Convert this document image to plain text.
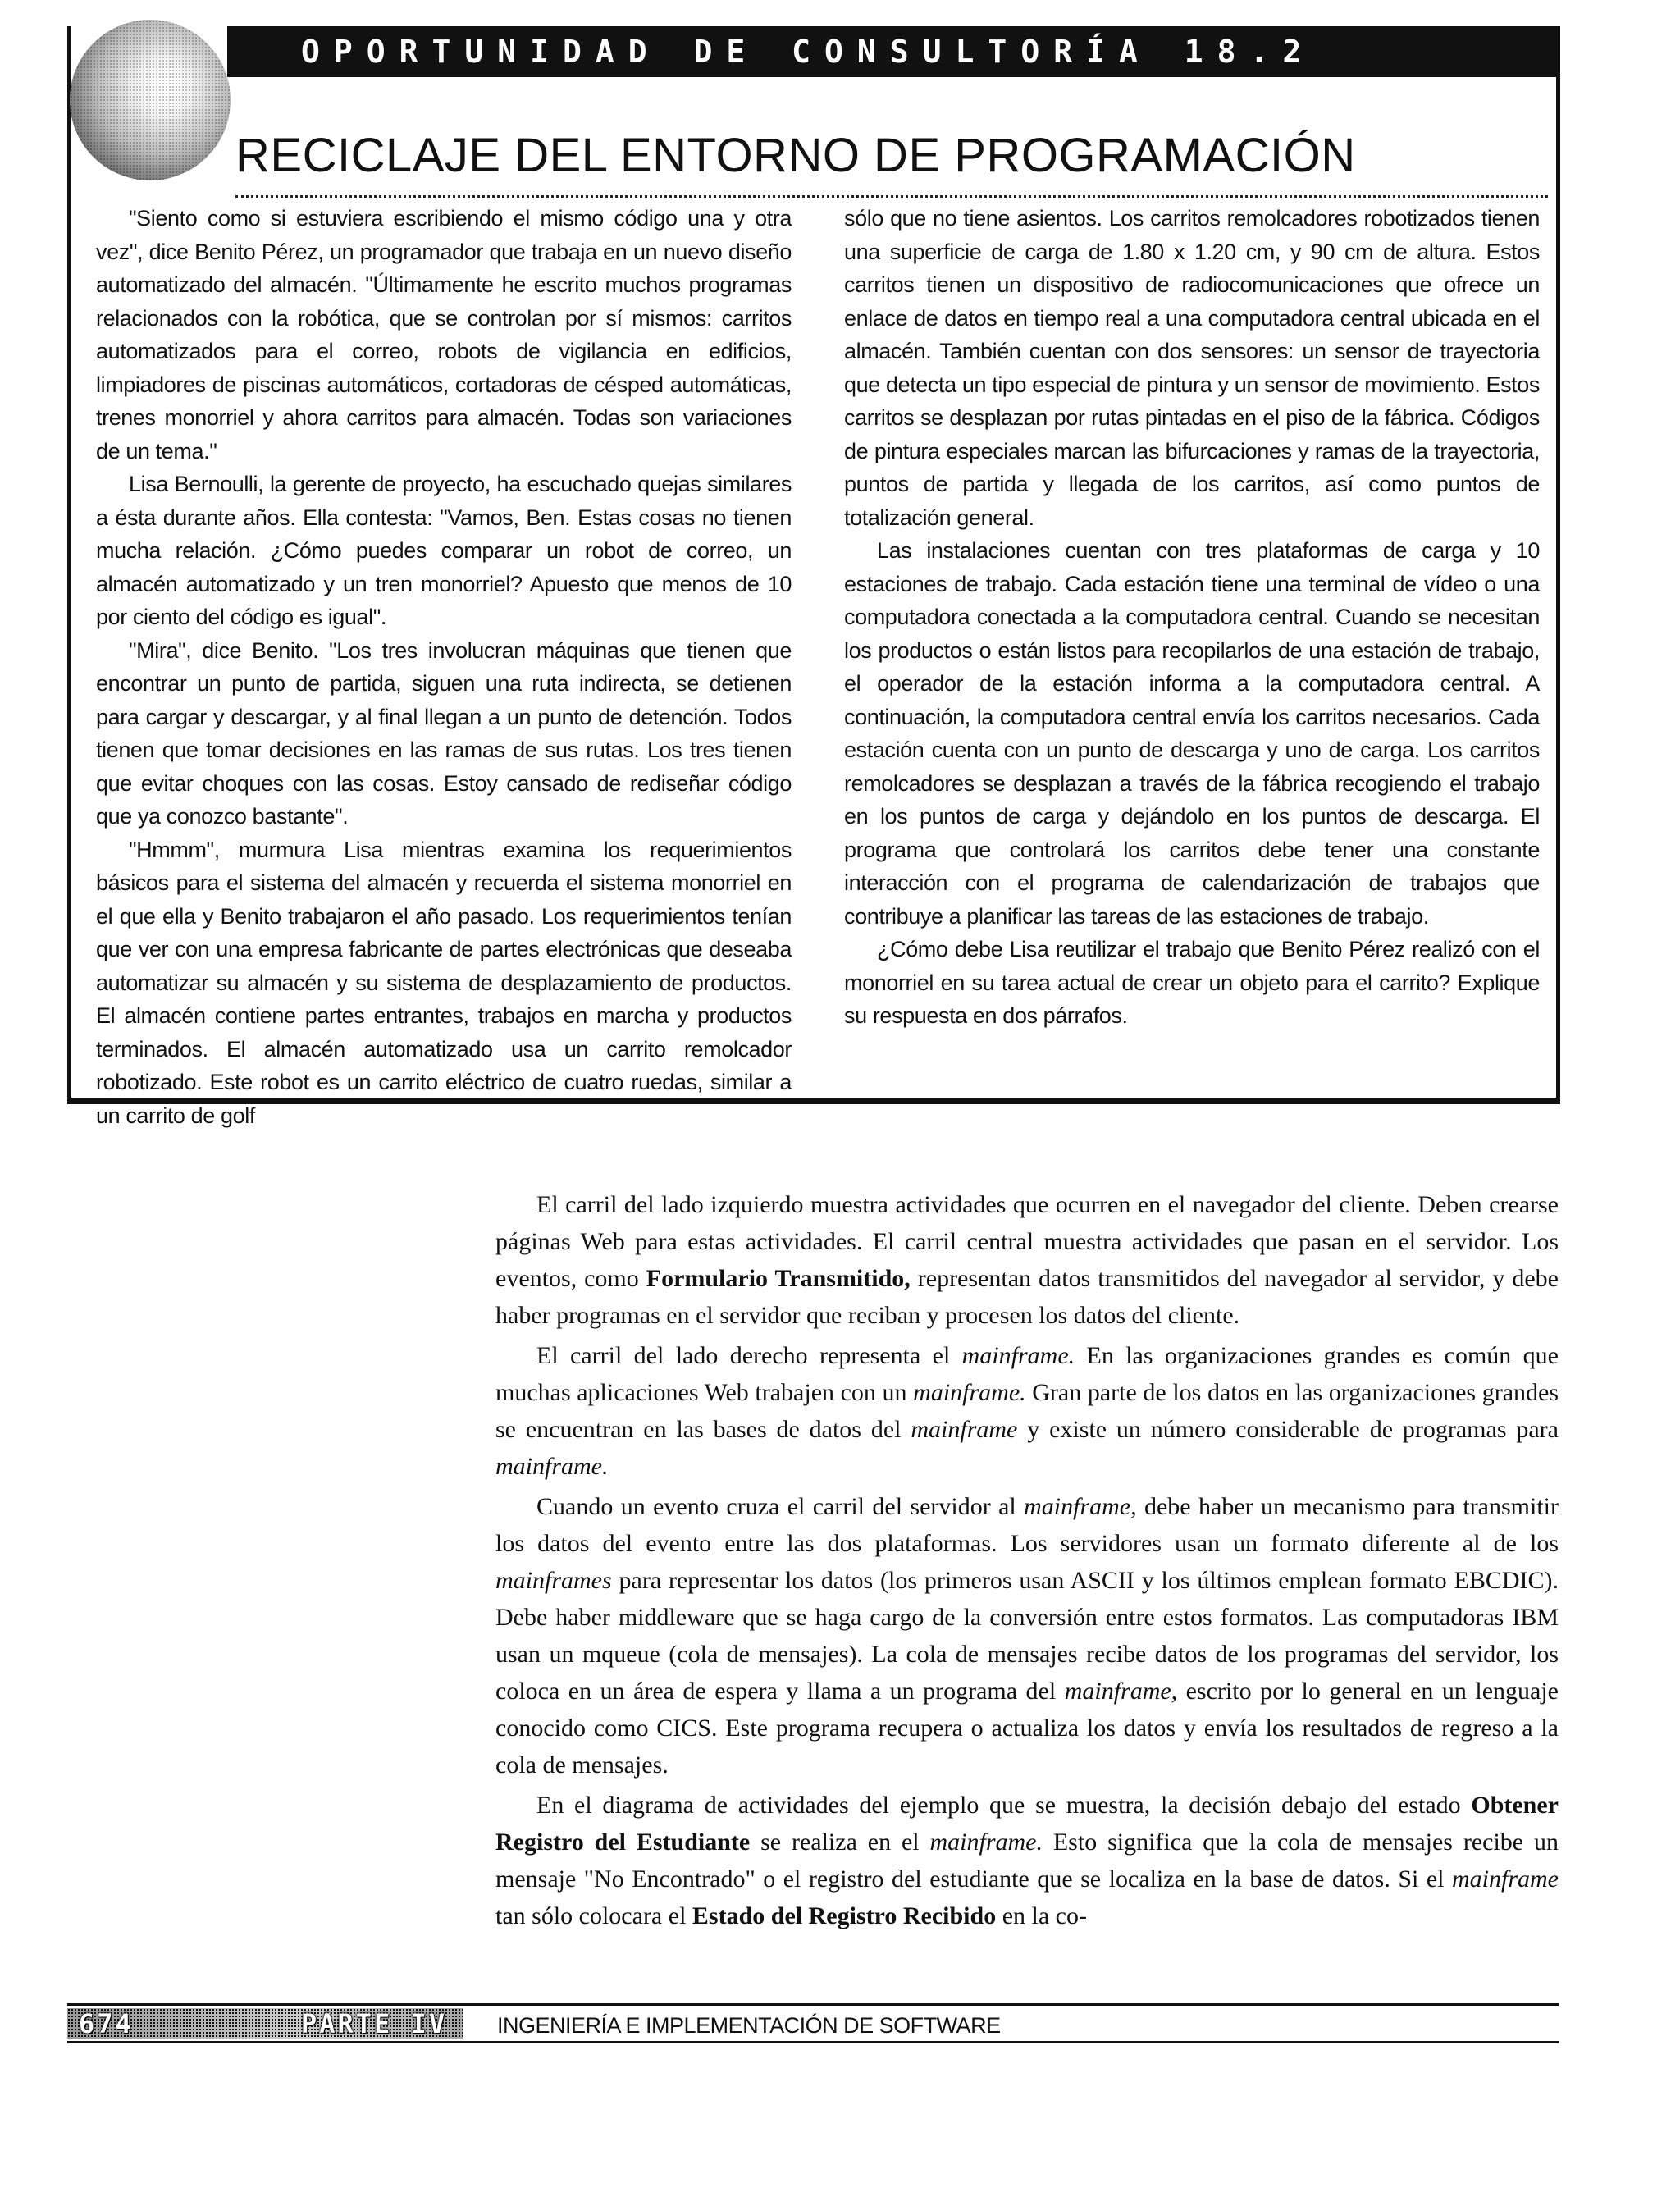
OPORTUNIDAD DE CONSULTORÍA 18.2
RECICLAJE DEL ENTORNO DE PROGRAMACIÓN

"Siento como si estuviera escribiendo el mismo código una y otra vez", dice Benito Pérez, un programador que trabaja en un nuevo diseño automatizado del almacén. "Últimamente he escrito muchos programas relacionados con la robótica, que se controlan por sí mismos: carritos automatizados para el correo, robots de vigilancia en edificios, limpiadores de piscinas automáticos, cortadoras de césped automáticas, trenes monorriel y ahora carritos para almacén. Todas son variaciones de un tema."

Lisa Bernoulli, la gerente de proyecto, ha escuchado quejas similares a ésta durante años. Ella contesta: "Vamos, Ben. Estas cosas no tienen mucha relación. ¿Cómo puedes comparar un robot de correo, un almacén automatizado y un tren monorriel? Apuesto que menos de 10 por ciento del código es igual".

"Mira", dice Benito. "Los tres involucran máquinas que tienen que encontrar un punto de partida, siguen una ruta indirecta, se detienen para cargar y descargar, y al final llegan a un punto de detención. Todos tienen que tomar decisiones en las ramas de sus rutas. Los tres tienen que evitar choques con las cosas. Estoy cansado de rediseñar código que ya conozco bastante".

"Hmmm", murmura Lisa mientras examina los requerimientos básicos para el sistema del almacén y recuerda el sistema monorriel en el que ella y Benito trabajaron el año pasado. Los requerimientos tenían que ver con una empresa fabricante de partes electrónicas que deseaba automatizar su almacén y su sistema de desplazamiento de productos. El almacén contiene partes entrantes, trabajos en marcha y productos terminados. El almacén automatizado usa un carrito remolcador robotizado. Este robot es un carrito eléctrico de cuatro ruedas, similar a un carrito de golf

sólo que no tiene asientos. Los carritos remolcadores robotizados tienen una superficie de carga de 1.80 x 1.20 cm, y 90 cm de altura. Estos carritos tienen un dispositivo de radiocomunicaciones que ofrece un enlace de datos en tiempo real a una computadora central ubicada en el almacén. También cuentan con dos sensores: un sensor de trayectoria que detecta un tipo especial de pintura y un sensor de movimiento. Estos carritos se desplazan por rutas pintadas en el piso de la fábrica. Códigos de pintura especiales marcan las bifurcaciones y ramas de la trayectoria, puntos de partida y llegada de los carritos, así como puntos de totalización general.

Las instalaciones cuentan con tres plataformas de carga y 10 estaciones de trabajo. Cada estación tiene una terminal de vídeo o una computadora conectada a la computadora central. Cuando se necesitan los productos o están listos para recopilarlos de una estación de trabajo, el operador de la estación informa a la computadora central. A continuación, la computadora central envía los carritos necesarios. Cada estación cuenta con un punto de descarga y uno de carga. Los carritos remolcadores se desplazan a través de la fábrica recogiendo el trabajo en los puntos de carga y dejándolo en los puntos de descarga. El programa que controlará los carritos debe tener una constante interacción con el programa de calendarización de trabajos que contribuye a planificar las tareas de las estaciones de trabajo.

¿Cómo debe Lisa reutilizar el trabajo que Benito Pérez realizó con el monorriel en su tarea actual de crear un objeto para el carrito? Explique su respuesta en dos párrafos.

El carril del lado izquierdo muestra actividades que ocurren en el navegador del cliente. Deben crearse páginas Web para estas actividades. El carril central muestra actividades que pasan en el servidor. Los eventos, como Formulario Transmitido, representan datos transmitidos del navegador al servidor, y debe haber programas en el servidor que reciban y procesen los datos del cliente.

El carril del lado derecho representa el mainframe. En las organizaciones grandes es común que muchas aplicaciones Web trabajen con un mainframe. Gran parte de los datos en las organizaciones grandes se encuentran en las bases de datos del mainframe y existe un número considerable de programas para mainframe.

Cuando un evento cruza el carril del servidor al mainframe, debe haber un mecanismo para transmitir los datos del evento entre las dos plataformas. Los servidores usan un formato diferente al de los mainframes para representar los datos (los primeros usan ASCII y los últimos emplean formato EBCDIC). Debe haber middleware que se haga cargo de la conversión entre estos formatos. Las computadoras IBM usan un mqueue (cola de mensajes). La cola de mensajes recibe datos de los programas del servidor, los coloca en un área de espera y llama a un programa del mainframe, escrito por lo general en un lenguaje conocido como CICS. Este programa recupera o actualiza los datos y envía los resultados de regreso a la cola de mensajes.

En el diagrama de actividades del ejemplo que se muestra, la decisión debajo del estado Obtener Registro del Estudiante se realiza en el mainframe. Esto significa que la cola de mensajes recibe un mensaje "No Encontrado" o el registro del estudiante que se localiza en la base de datos. Si el mainframe tan sólo colocara el Estado del Registro Recibido en la co-

674	PARTE IV INGENIERÍA E IMPLEMENTACIÓN DE SOFTWARE
